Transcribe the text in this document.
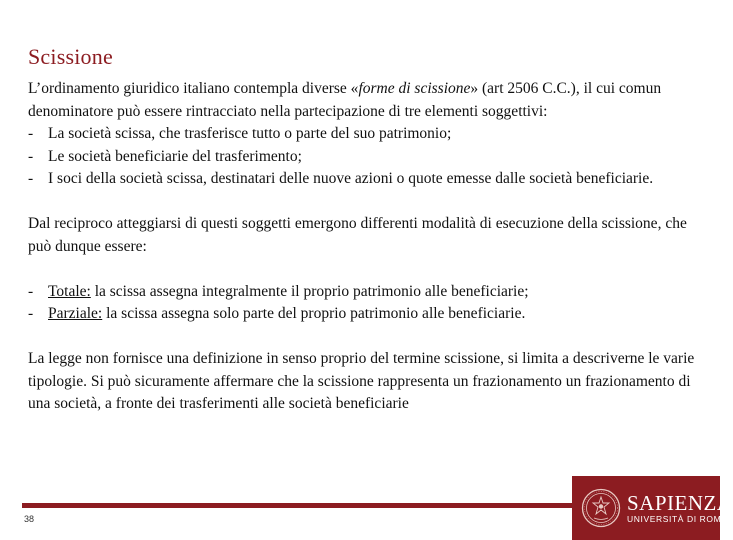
Scissione

L’ordinamento giuridico italiano contempla diverse «forme di scissione» (art 2506 C.C.), il cui comun denominatore può essere rintracciato nella partecipazione di tre elementi soggettivi:

- La società scissa, che trasferisce tutto o parte del suo patrimonio;
- Le società beneficiarie del trasferimento;
- I soci della società scissa, destinatari delle nuove azioni o quote emesse dalle società beneficiarie.

Dal reciproco atteggiarsi di questi soggetti emergono differenti modalità di esecuzione della scissione, che può dunque essere:

- Totale: la scissa assegna integralmente il proprio patrimonio alle beneficiarie;
- Parziale: la scissa assegna solo parte del proprio patrimonio alle beneficiarie.

La legge non fornisce una definizione in senso proprio del termine scissione, si limita a descriverne le varie tipologie. Si può sicuramente affermare che la scissione rappresenta un frazionamento un frazionamento di una società, a fronte dei trasferimenti alle società beneficiarie

38
SAPIENZA
UNIVERSITÀ DI ROMA
